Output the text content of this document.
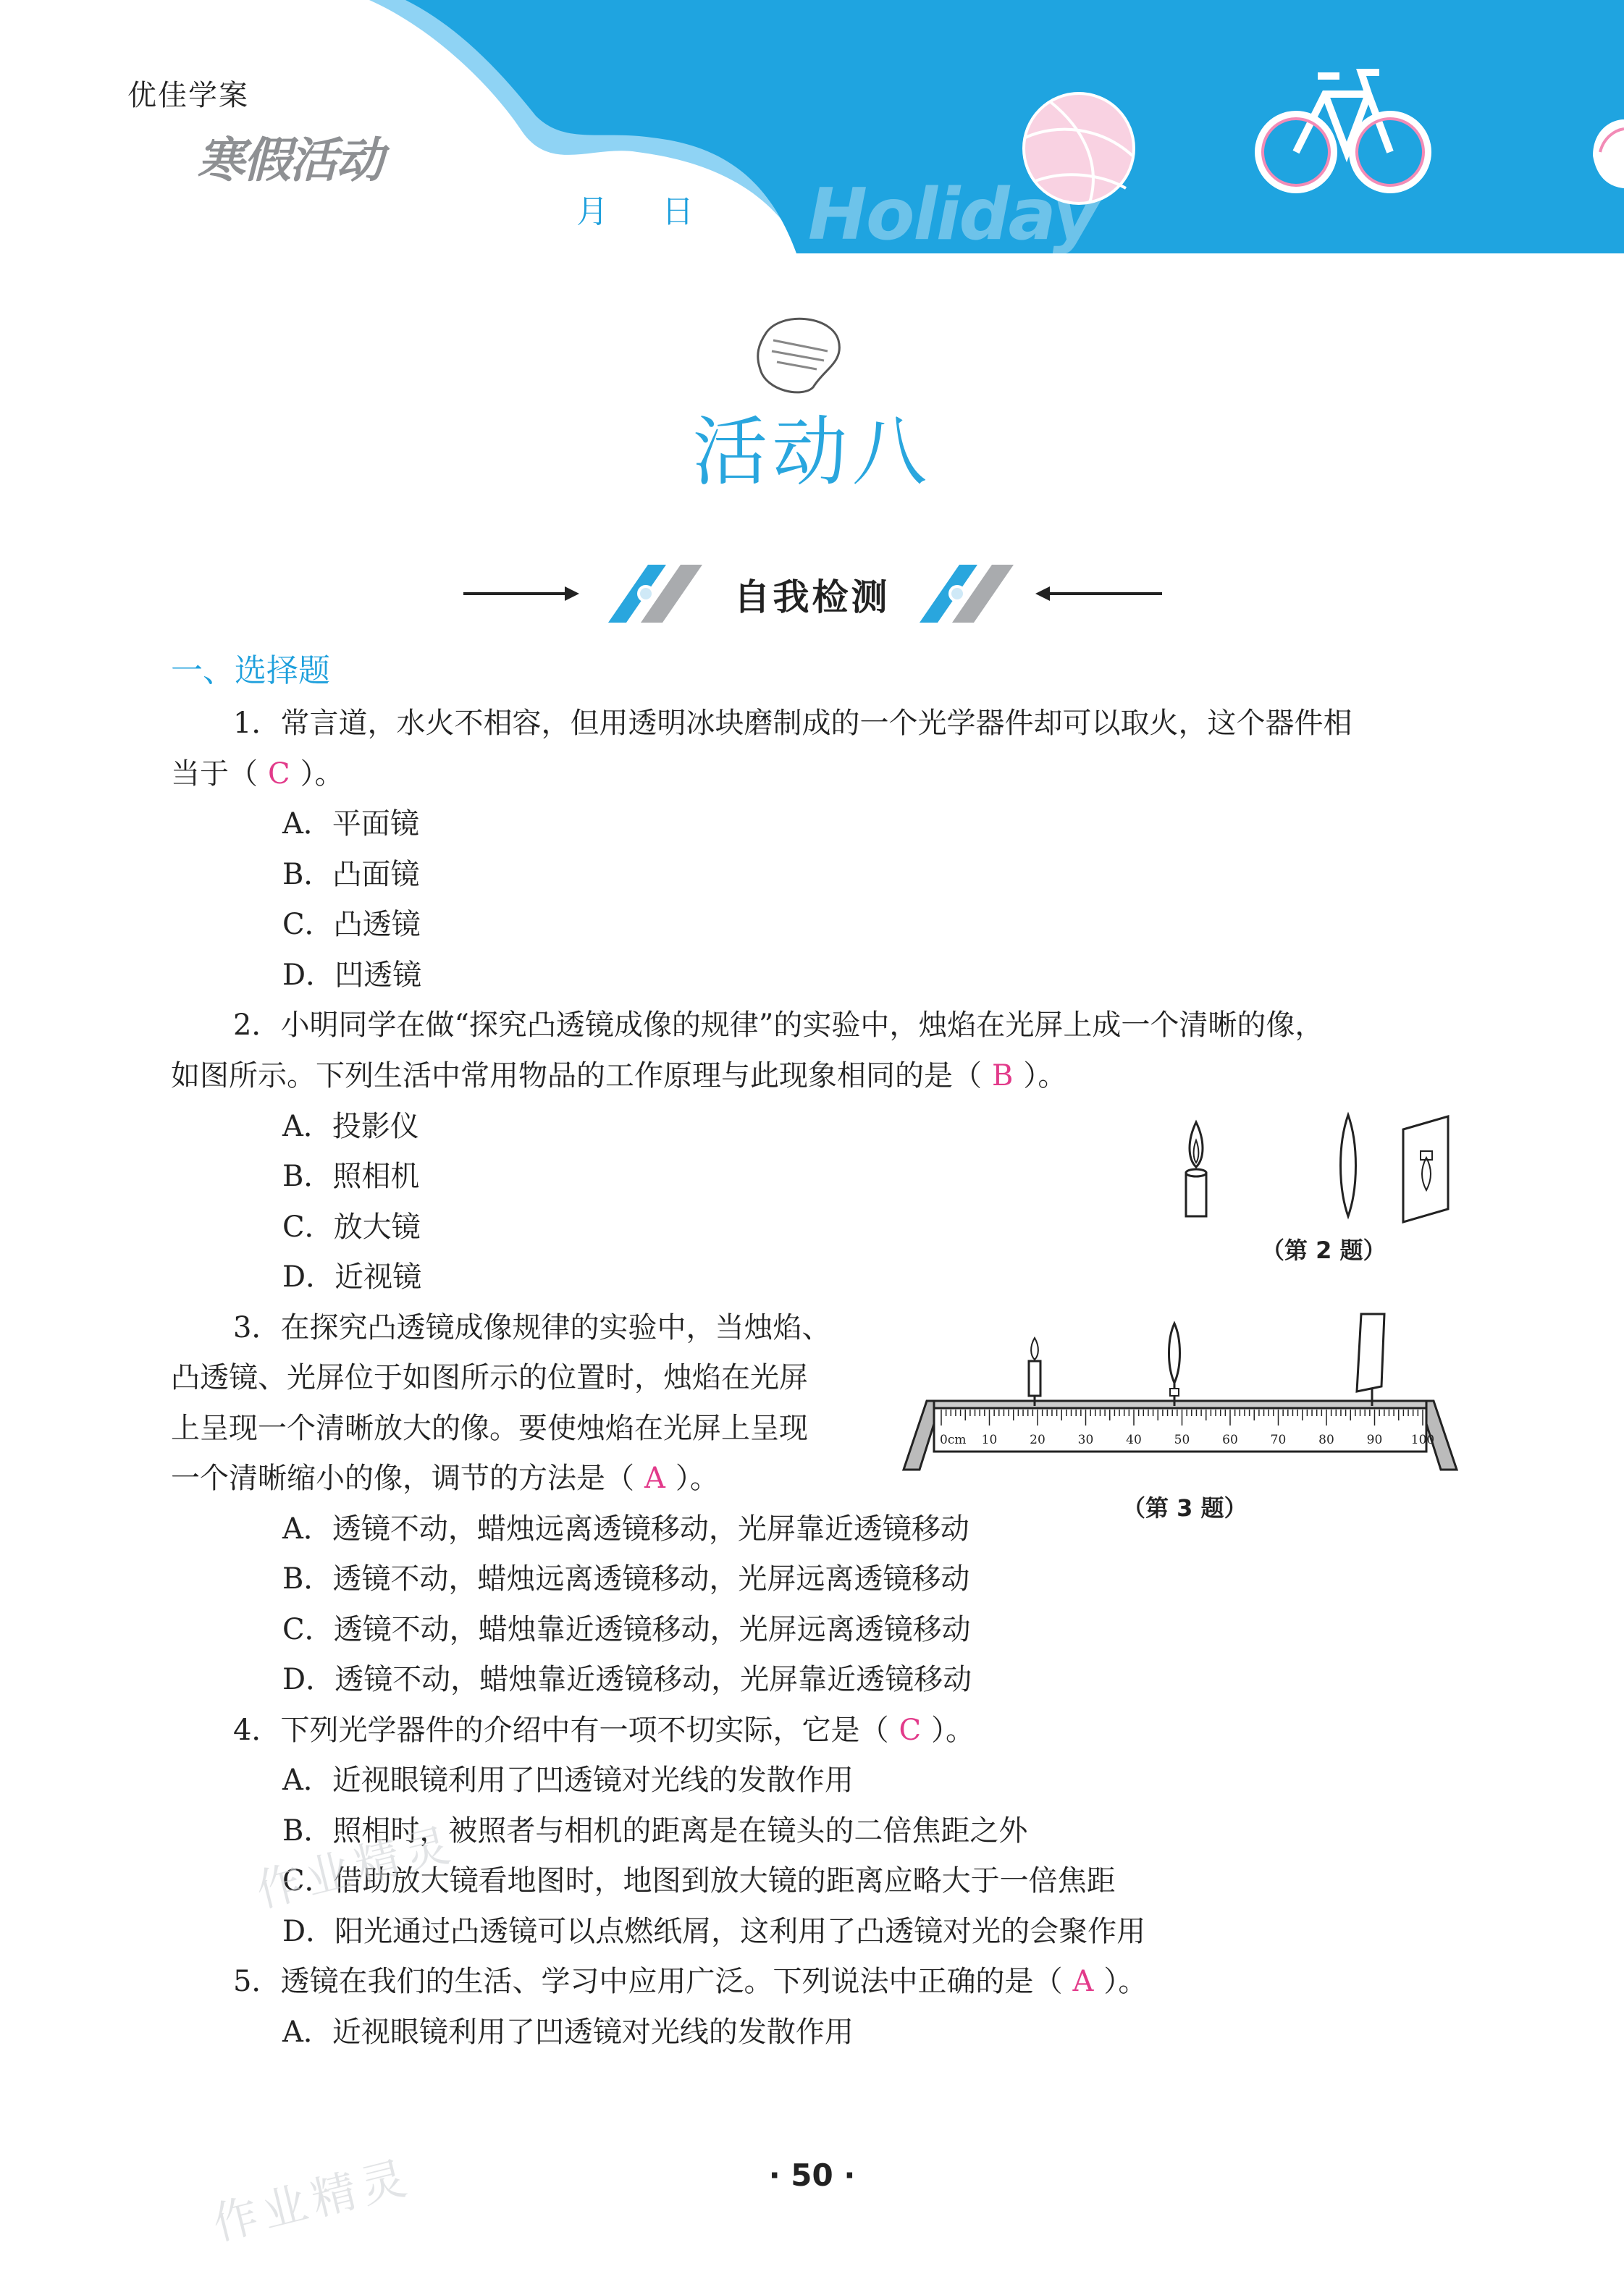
优佳学案
寒假活动
月 日 Holiday
活动八
自我检测
一、选择题
1．常言道，水火不相容，但用透明冰块磨制成的一个光学器件却可以取火，这个器件相
当于（ C ）。
A．平面镜
B．凸面镜
C．凸透镜
D．凹透镜
2．小明同学在做“探究凸透镜成像的规律”的实验中，烛焰在光屏上成一个清晰的像，
如图所示。下列生活中常用物品的工作原理与此现象相同的是（ B ）。
A．投影仪
B．照相机
C．放大镜
D．近视镜
（第 2 题）
3．在探究凸透镜成像规律的实验中，当烛焰、
凸透镜、光屏位于如图所示的位置时，烛焰在光屏
上呈现一个清晰放大的像。要使烛焰在光屏上呈现
一个清晰缩小的像，调节的方法是（ A ）。
A．透镜不动，蜡烛远离透镜移动，光屏靠近透镜移动
B．透镜不动，蜡烛远离透镜移动，光屏远离透镜移动
C．透镜不动，蜡烛靠近透镜移动，光屏远离透镜移动
D．透镜不动，蜡烛靠近透镜移动，光屏靠近透镜移动
0cm 10	20	30	40	50	60	70	80	90 100
（第 3 题）
4．下列光学器件的介绍中有一项不切实际，它是（ C ）。
A．近视眼镜利用了凹透镜对光线的发散作用
B．照相时，被照者与相机的距离是在镜头的二倍焦距之外
C．借助放大镜看地图时，地图到放大镜的距离应略大于一倍焦距
D．阳光通过凸透镜可以点燃纸屑，这利用了凸透镜对光的会聚作用
5．透镜在我们的生活、学习中应用广泛。下列说法中正确的是（ A ）。
A．近视眼镜利用了凹透镜对光线的发散作用
作业精灵
作业精灵	· 50 ·
